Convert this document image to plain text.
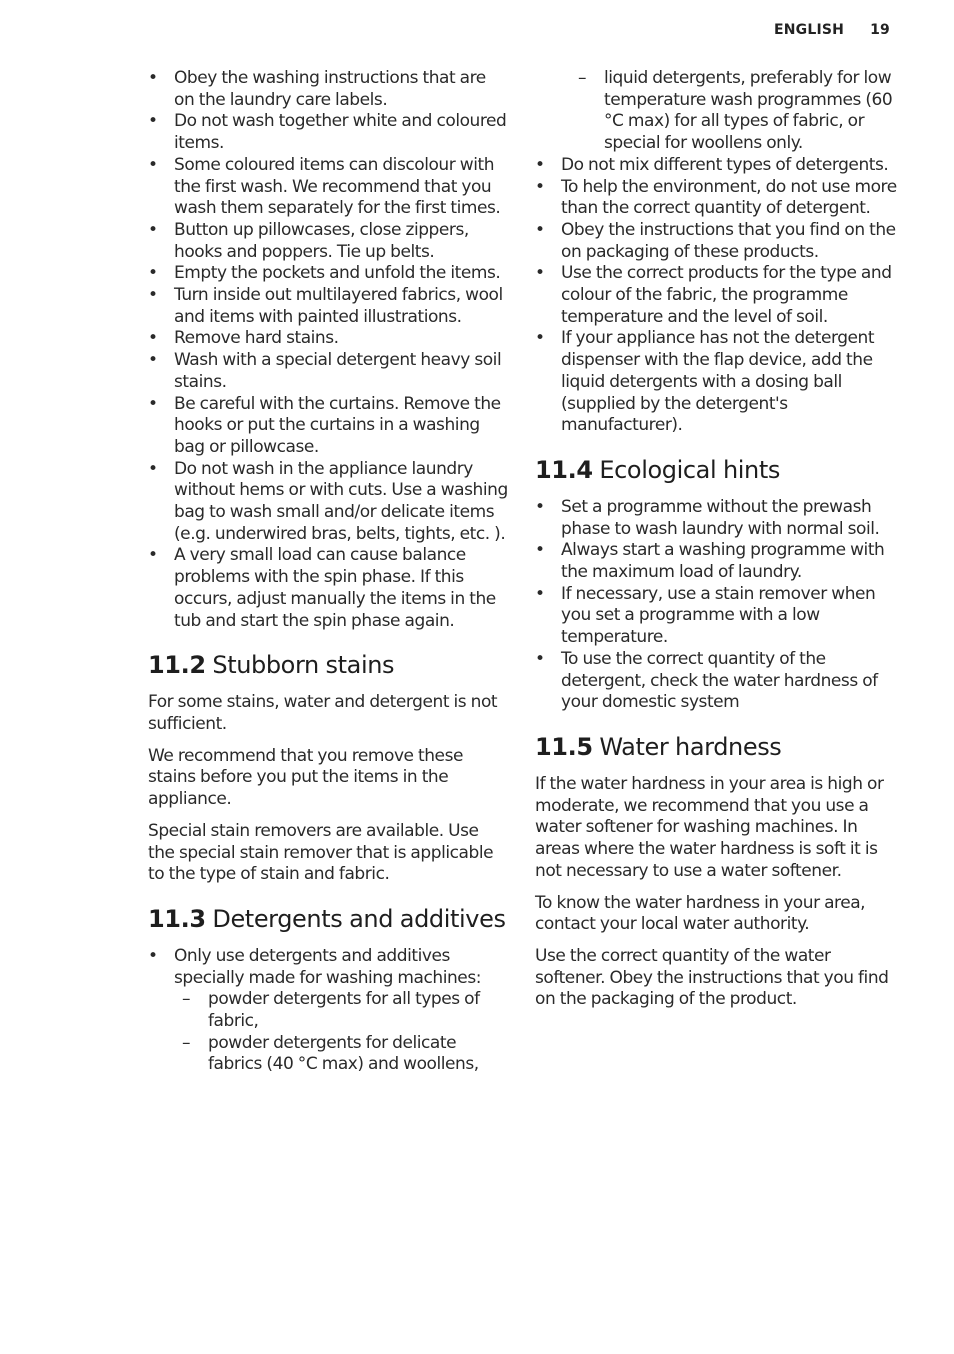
ENGLISH 19
• Obey the washing instructions that are on the laundry care labels.
• Do not wash together white and coloured items.
• Some coloured items can discolour with the first wash. We recommend that you wash them separately for the first times.
• Button up pillowcases, close zippers, hooks and poppers. Tie up belts.
• Empty the pockets and unfold the items.
• Turn inside out multilayered fabrics, wool and items with painted illustrations.
• Remove hard stains.
• Wash with a special detergent heavy soil stains.
• Be careful with the curtains. Remove the hooks or put the curtains in a washing bag or pillowcase.
• Do not wash in the appliance laundry without hems or with cuts. Use a washing bag to wash small and/or delicate items (e.g. underwired bras, belts, tights, etc. ).
• A very small load can cause balance problems with the spin phase. If this occurs, adjust manually the items in the tub and start the spin phase again.
11.2 Stubborn stains

For some stains, water and detergent is not sufficient.

We recommend that you remove these stains before you put the items in the appliance.

Special stain removers are available. Use the special stain remover that is applicable to the type of stain and fabric.

11.3 Detergents and additives
• Only use detergents and additives specially made for washing machines:
– powder detergents for all types of fabric,
– powder detergents for delicate fabrics (40 °C max) and woollens,
– liquid detergents, preferably for low temperature wash programmes (60 °C max) for all types of fabric, or special for woollens only.
• Do not mix different types of detergents.
• To help the environment, do not use more than the correct quantity of detergent.
• Obey the instructions that you find on the on packaging of these products.
• Use the correct products for the type and colour of the fabric, the programme temperature and the level of soil.
• If your appliance has not the detergent dispenser with the flap device, add the liquid detergents with a dosing ball (supplied by the detergent's manufacturer).
11.4 Ecological hints
• Set a programme without the prewash phase to wash laundry with normal soil.
• Always start a washing programme with the maximum load of laundry.
• If necessary, use a stain remover when you set a programme with a low temperature.
• To use the correct quantity of the detergent, check the water hardness of your domestic system
11.5 Water hardness

If the water hardness in your area is high or moderate, we recommend that you use a water softener for washing machines. In areas where the water hardness is soft it is not necessary to use a water softener.

To know the water hardness in your area, contact your local water authority.

Use the correct quantity of the water softener. Obey the instructions that you find on the packaging of the product.
